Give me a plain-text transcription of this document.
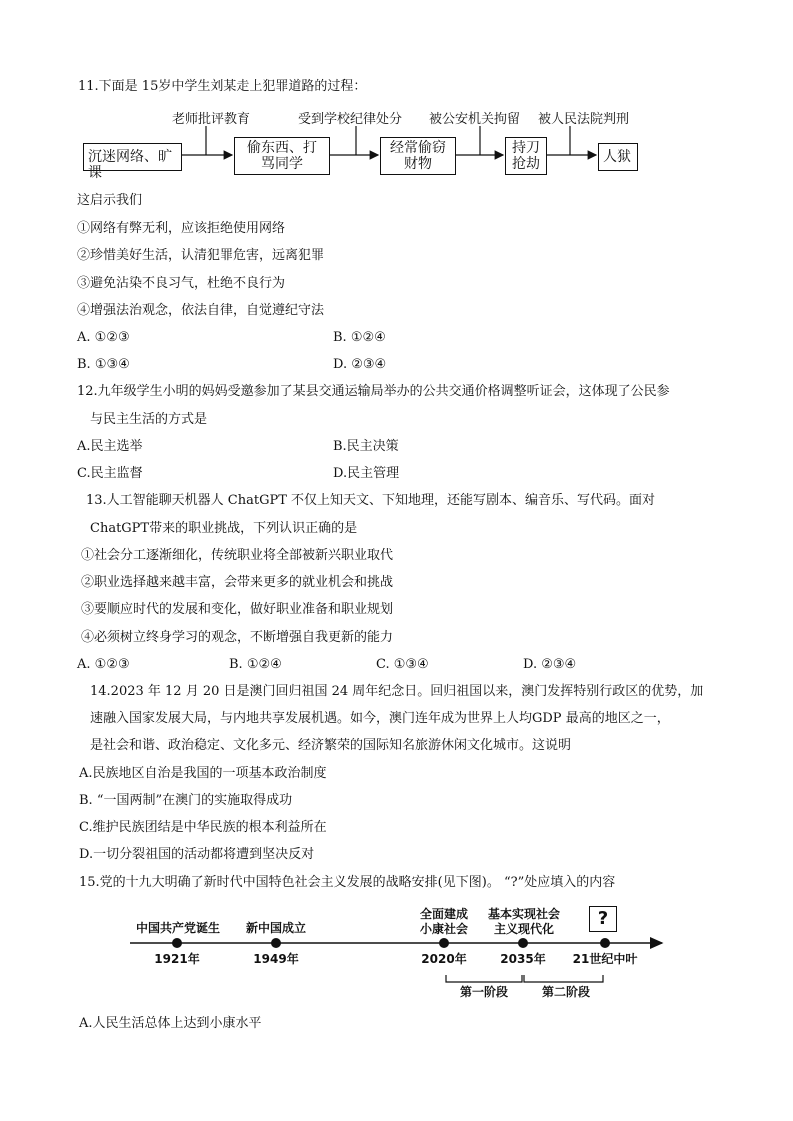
11.下面是 15岁中学生刘某走上犯罪道路的过程：
老师批评教育	受到学校纪律处分 被公安机关拘留 被人民法院判刑
沉迷网络、旷课
偷东西、打
骂同学
经常偷窃
财物
持刀
抢劫	人狱
这启示我们
①网络有弊无利，应该拒绝使用网络
②珍惜美好生活，认清犯罪危害，远离犯罪
③避免沾染不良习气，杜绝不良行为
④增强法治观念，依法自律，自觉遵纪守法
A. ①②③	B. ①②④
B. ①③④	D. ②③④
12.九年级学生小明的妈妈受邀参加了某县交通运输局举办的公共交通价格调整听证会，这体现了公民参
与民主生活的方式是
A.民主选举	B.民主决策
C.民主监督	D.民主管理
13.人工智能聊天机器人 ChatGPT 不仅上知天文、下知地理，还能写剧本、编音乐、写代码。面对
ChatGPT带来的职业挑战，下列认识正确的是
①社会分工逐渐细化，传统职业将全部被新兴职业取代
②职业选择越来越丰富，会带来更多的就业机会和挑战
③要顺应时代的发展和变化，做好职业准备和职业规划
④必须树立终身学习的观念，不断增强自我更新的能力
A. ①②③	B. ①②④	C. ①③④	D. ②③④
14.2023 年 12 月 20 日是澳门回归祖国 24 周年纪念日。回归祖国以来，澳门发挥特别行政区的优势，加
速融入国家发展大局，与内地共享发展机遇。如今，澳门连年成为世界上人均GDP 最高的地区之一，
是社会和谐、政治稳定、文化多元、经济繁荣的国际知名旅游休闲文化城市。这说明
A.民族地区自治是我国的一项基本政治制度
B. “一国两制”在澳门的实施取得成功
C.维护民族团结是中华民族的根本利益所在
D.一切分裂祖国的活动都将遭到坚决反对
15.党的十九大明确了新时代中国特色社会主义发展的战略安排(见下图)。 “?”处应填入的内容
中国共产党诞生	新中国成立
全面建成
小康社会
基本实现社会
主义现代化	?
1921年	1949年	2020年	2035年	21世纪中叶
第一阶段	第二阶段
A.人民生活总体上达到小康水平
